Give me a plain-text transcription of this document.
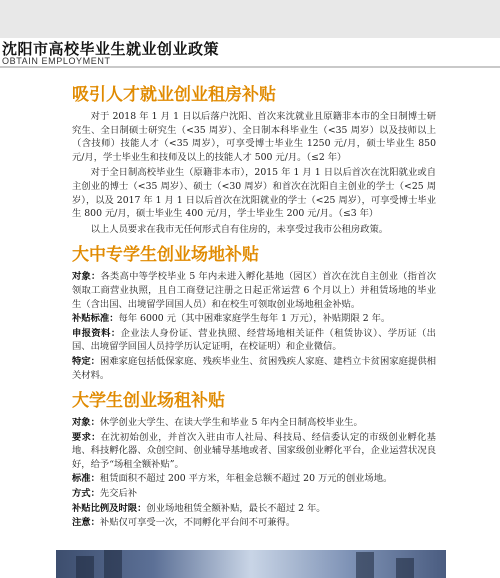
沈阳市高校毕业生就业创业政策
OBTAIN EMPLOYMENT
吸引人才就业创业租房补贴

对于 2018 年 1 月 1 日以后落户沈阳、首次来沈就业且原籍非本市的全日制博士研究生、全日制硕士研究生（<35 周岁）、全日制本科毕业生（<35 周岁）以及技师以上（含技师）技能人才（<35 周岁），可享受博士毕业生 1250 元/月，硕士毕业生 850 元/月，学士毕业生和技师及以上的技能人才 500 元/月。（≤2 年）

对于全日制高校毕业生（原籍非本市），2015 年 1 月 1 日以后首次在沈阳就业或自主创业的博士（<35 周岁）、硕士（<30 周岁）和首次在沈阳自主创业的学士（<25 周岁），以及 2017 年 1 月 1 日以后首次在沈阳就业的学士（<25 周岁），可享受博士毕业生 800 元/月，硕士毕业生 400 元/月，学士毕业生 200 元/月。（≤3 年）

以上人员要求在我市无任何形式自有住房的，未享受过我市公租房政策。

大中专学生创业场地补贴

对象：各类高中等学校毕业 5 年内未进入孵化基地（园区）首次在沈自主创业（指首次领取工商营业执照，且自工商登记注册之日起正常运营 6 个月以上）并租赁场地的毕业生（含出国、出境留学回国人员）和在校生可领取创业场地租金补贴。

补贴标准：每年 6000 元（其中困难家庭学生每年 1 万元），补贴期限 2 年。

申报资料：企业法人身份证、营业执照、经营场地相关证件（租赁协议）、学历证（出国、出境留学回国人员持学历认定证明，在校证明）和企业微信。

特定：困难家庭包括低保家庭、残疾毕业生、贫困残疾人家庭、建档立卡贫困家庭提供相关材料。

大学生创业场租补贴

对象：休学创业大学生、在读大学生和毕业 5 年内全日制高校毕业生。

要求：在沈初始创业，并首次入驻由市人社局、科技局、经信委认定的市级创业孵化基地、科技孵化器、众创空间、创业辅导基地或者、国家级创业孵化平台，企业运营状况良好，给予“场租全额补贴”。

标准：租赁面积不超过 200 平方米，年租金总额不超过 20 万元的创业场地。

方式：先交后补

补贴比例及时限：创业场地租赁全额补贴，最长不超过 2 年。

注意：补贴仅可享受一次，不同孵化平台间不可兼得。
